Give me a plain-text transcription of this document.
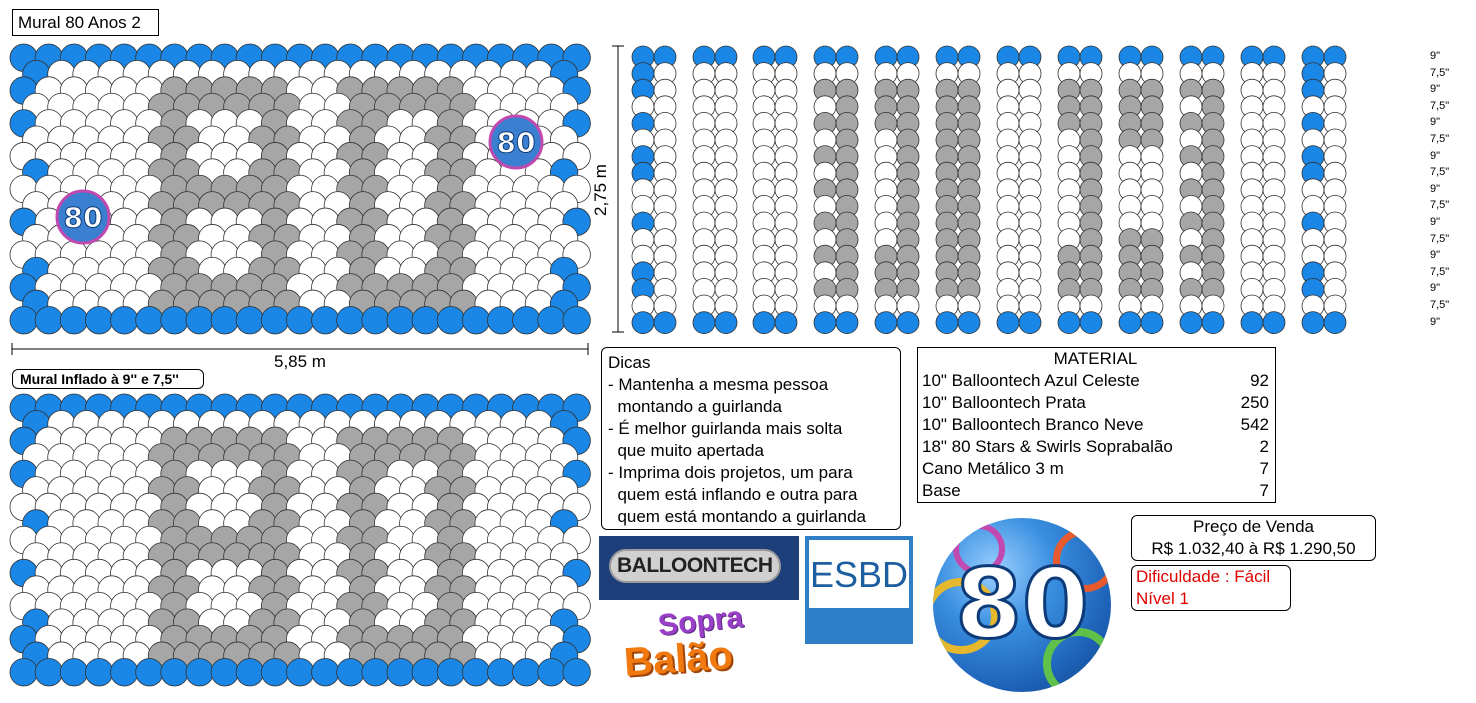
Mural 80 Anos 2
80
80
2,75 m
5,85 m
Mural Inflado à 9'' e 7,5''
9"
7,5"
9"
7,5"
9"
7,5"
9"
7,5"
9"
7,5"
9"
7,5"
9"
7,5"
9"
7,5"
9"
Dicas
- Mantenha a mesma pessoa
montando a guirlanda
- É melhor guirlanda mais solta
que muito apertada
- Imprima dois projetos, um para
quem está inflando e outra para
quem está montando a guirlanda
MATERIAL
10" Balloontech Azul Celeste	92
10" Balloontech Prata	250
10" Balloontech Branco Neve	542
18" 80 Stars & Swirls Soprabalão	2
Cano Metálico 3 m	7
Base	7
Preço de Venda
R$ 1.032,40 à R$ 1.290,50
Dificuldade : Fácil
Nível 1
BALLOONTECH
Sopra
Balão
ESBD 80
